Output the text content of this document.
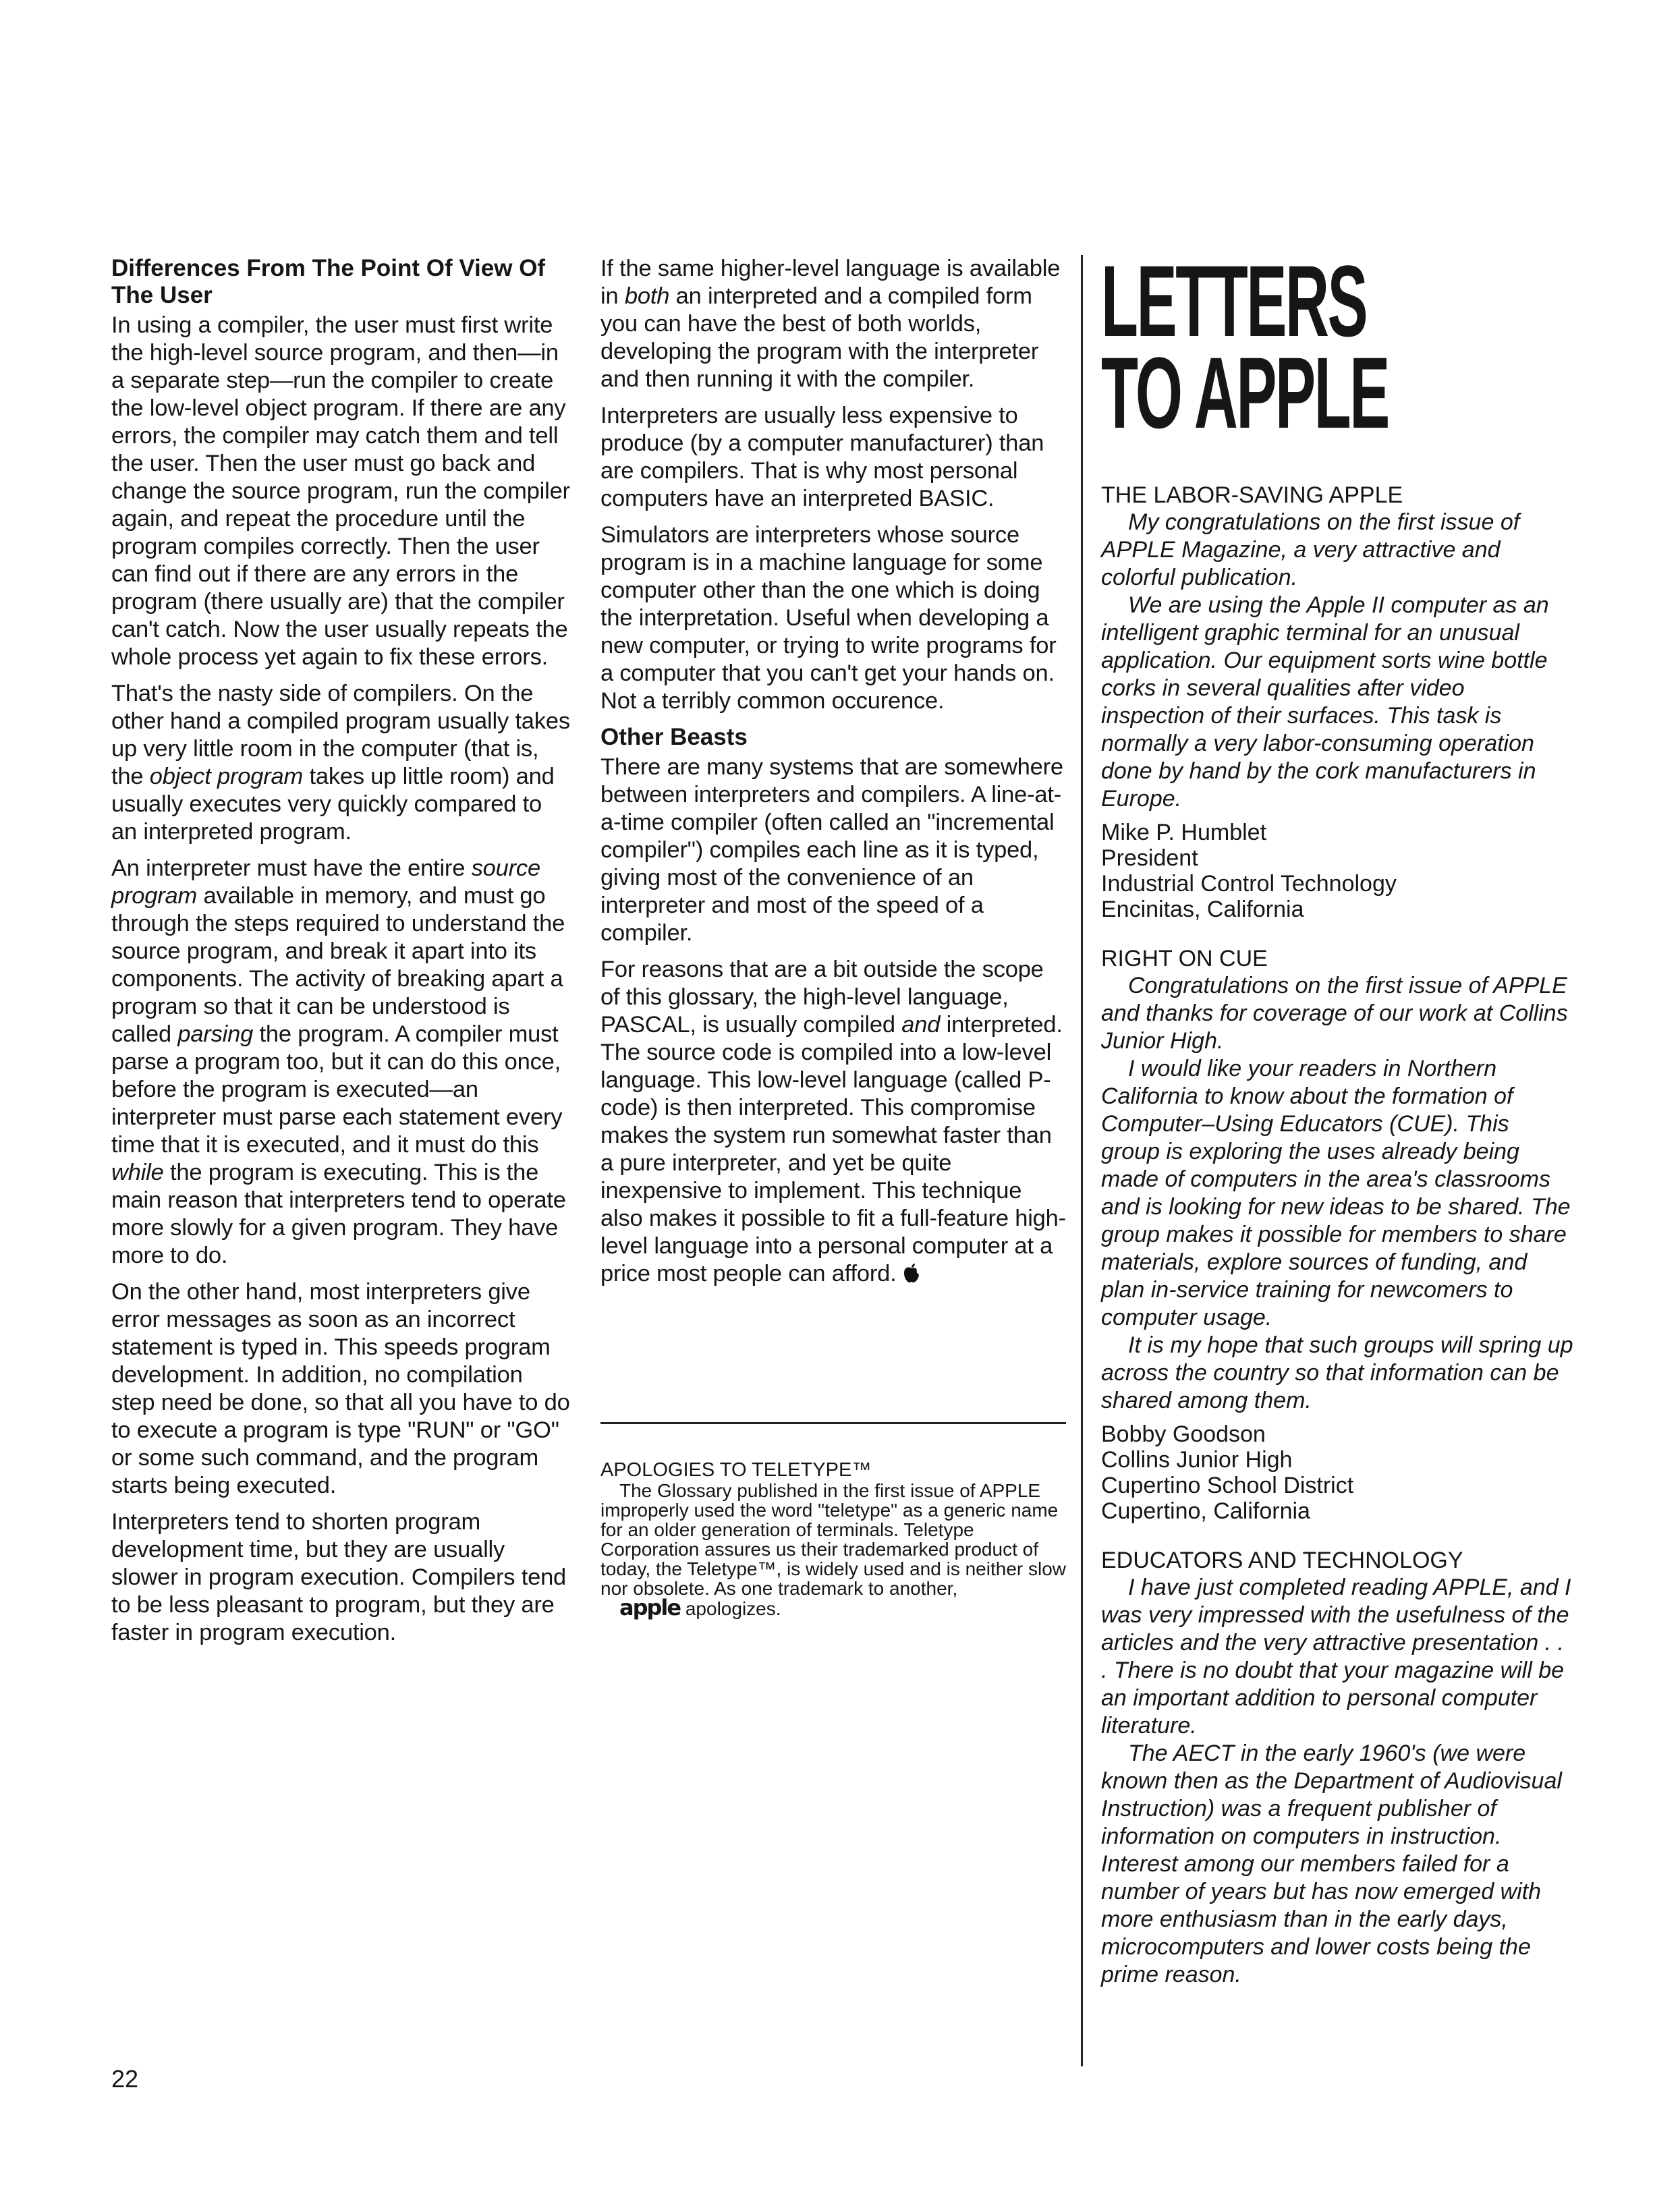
Differences From The Point Of View Of The User

In using a compiler, the user must first write the high-level source program, and then—in a separate step—run the compiler to create the low-level object program. If there are any errors, the compiler may catch them and tell the user. Then the user must go back and change the source program, run the compiler again, and repeat the procedure until the program compiles correctly. Then the user can find out if there are any errors in the program (there usually are) that the compiler can't catch. Now the user usually repeats the whole process yet again to fix these errors.

That's the nasty side of compilers. On the other hand a compiled program usually takes up very little room in the computer (that is, the object program takes up little room) and usually executes very quickly compared to an interpreted program.

An interpreter must have the entire source program available in memory, and must go through the steps required to understand the source program, and break it apart into its components. The activity of breaking apart a program so that it can be understood is called parsing the program. A compiler must parse a program too, but it can do this once, before the program is executed—an interpreter must parse each statement every time that it is executed, and it must do this while the program is executing. This is the main reason that interpreters tend to operate more slowly for a given program. They have more to do.

On the other hand, most interpreters give error messages as soon as an incorrect statement is typed in. This speeds program development. In addition, no compilation step need be done, so that all you have to do to execute a program is type "RUN" or "GO" or some such command, and the program starts being executed.

Interpreters tend to shorten program development time, but they are usually slower in program execution. Compilers tend to be less pleasant to program, but they are faster in program execution.

If the same higher-level language is available in both an interpreted and a compiled form you can have the best of both worlds, developing the program with the interpreter and then running it with the compiler.

Interpreters are usually less expensive to produce (by a computer manufacturer) than are compilers. That is why most personal computers have an interpreted BASIC.

Simulators are interpreters whose source program is in a machine language for some computer other than the one which is doing the interpretation. Useful when developing a new computer, or trying to write programs for a computer that you can't get your hands on. Not a terribly common occurence.

Other Beasts

There are many systems that are somewhere between interpreters and compilers. A line-at-a-time compiler (often called an "incremental compiler") compiles each line as it is typed, giving most of the convenience of an interpreter and most of the speed of a compiler.

For reasons that are a bit outside the scope of this glossary, the high-level language, PASCAL, is usually compiled and interpreted. The source code is compiled into a low-level language. This low-level language (called P-code) is then interpreted. This compromise makes the system run somewhat faster than a pure interpreter, and yet be quite inexpensive to implement. This technique also makes it possible to fit a full-feature high-level language into a personal computer at a price most people can afford.

APOLOGIES TO TELETYPE™

The Glossary published in the first issue of APPLE improperly used the word "teletype" as a generic name for an older generation of terminals. Teletype Corporation assures us their trademarked product of today, the Teletype™, is widely used and is neither slow nor obsolete. As one trademark to another,
apple apologizes.

LETTERS
TO APPLE

THE LABOR-SAVING APPLE

My congratulations on the first issue of APPLE Magazine, a very attractive and colorful publication.

We are using the Apple II computer as an intelligent graphic terminal for an unusual application. Our equipment sorts wine bottle corks in several qualities after video inspection of their surfaces. This task is normally a very labor-consuming operation done by hand by the cork manufacturers in Europe.

Mike P. Humblet
President
Industrial Control Technology
Encinitas, California

RIGHT ON CUE

Congratulations on the first issue of APPLE and thanks for coverage of our work at Collins Junior High.

I would like your readers in Northern California to know about the formation of Computer–Using Educators (CUE). This group is exploring the uses already being made of computers in the area's classrooms and is looking for new ideas to be shared. The group makes it possible for members to share materials, explore sources of funding, and plan in-service training for newcomers to computer usage.

It is my hope that such groups will spring up across the country so that information can be shared among them.

Bobby Goodson
Collins Junior High
Cupertino School District
Cupertino, California

EDUCATORS AND TECHNOLOGY

I have just completed reading APPLE, and I was very impressed with the usefulness of the articles and the very attractive presentation . . . There is no doubt that your magazine will be an important addition to personal computer literature.

The AECT in the early 1960's (we were known then as the Department of Audiovisual Instruction) was a frequent publisher of information on computers in instruction. Interest among our members failed for a number of years but has now emerged with more enthusiasm than in the early days, microcomputers and lower costs being the prime reason.

22
